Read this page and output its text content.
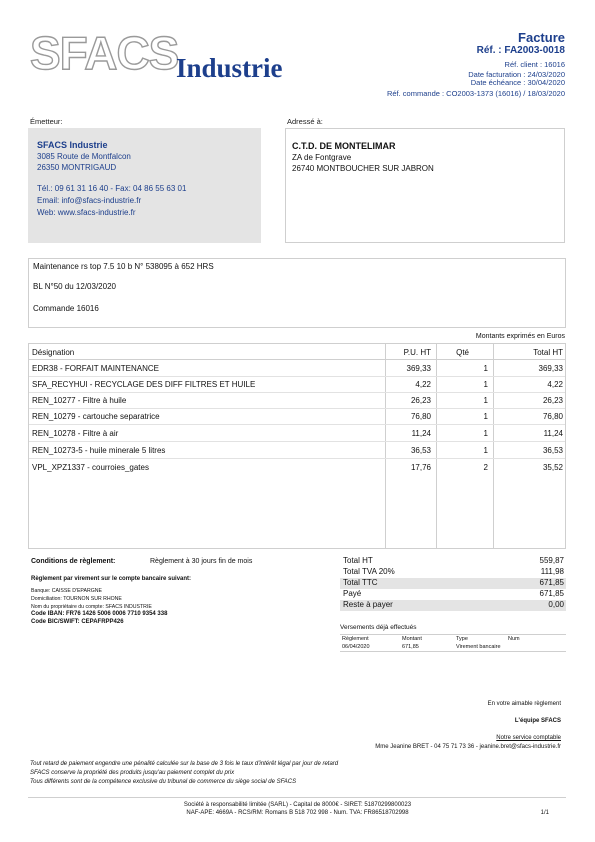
SFACS
Industrie
Facture
Réf. : FA2003-0018
Réf. client : 16016
Date facturation : 24/03/2020
Date échéance : 30/04/2020
Réf. commande : CO2003-1373 (16016) / 18/03/2020
Émetteur:
SFACS Industrie
3085 Route de Montfalcon
26350 MONTRIGAUD
Tél.: 09 61 31 16 40 - Fax: 04 86 55 63 01
Email: info@sfacs-industrie.fr
Web: www.sfacs-industrie.fr
Adressé à:
C.T.D. DE MONTELIMAR
ZA de Fontgrave
26740 MONTBOUCHER SUR JABRON
Maintenance rs top 7.5 10 b N° 538095 à 652 HRS
BL N°50 du 12/03/2020
Commande 16016
Montants exprimés en Euros
Désignation	P.U. HT	Qté	Total HT
EDR38 - FORFAIT MAINTENANCE	369,33	1	369,33
SFA_RECYHUI - RECYCLAGE DES DIFF FILTRES ET HUILE	4,22	1	4,22
REN_10277 - Filtre à huile	26,23	1	26,23
REN_10279 - cartouche separatrice	76,80	1	76,80
REN_10278 - Filtre à air	11,24	1	11,24
REN_10273-5 - huile minerale 5 litres	36,53	1	36,53
VPL_XPZ1337 - courroies_gates	17,76	2	35,52
Conditions de règlement:	Règlement à 30 jours fin de mois
Règlement par virement sur le compte bancaire suivant:
Banque: CAISSE D'EPARGNE
Domiciliation: TOURNON SUR RHONE
Nom du propriétaire du compte: SFACS INDUSTRIE
Code IBAN: FR76 1426 5006 0006 7710 9354 338
Code BIC/SWIFT: CEPAFRPP426
Total HT	559,87
Total TVA 20%	111,98
Total TTC	671,85
Payé	671,85
Reste à payer	0,00
Versements déjà effectués
Règlement	Montant	Type	Num
06/04/2020	671,85	Virement bancaire
En votre aimable règlement
L'équipe SFACS
Notre service comptable
Mme Jeanine BRET - 04 75 71 73 36 - jeanine.bret@sfacs-industrie.fr
Tout retard de paiement engendre une pénalité calculée sur la base de 3 fois le taux d'intérêt légal par jour de retard
SFACS conserve la propriété des produits jusqu'au paiement complet du prix
Tous différents sont de la compétence exclusive du tribunal de commerce du siège social de SFACS
Société à responsabilité limitée (SARL) - Capital de 8000€ - SIRET: 51870299800023
NAF-APE: 4669A - RCS/RM: Romans B 518 702 998 - Num. TVA: FR86518702998	1/1
